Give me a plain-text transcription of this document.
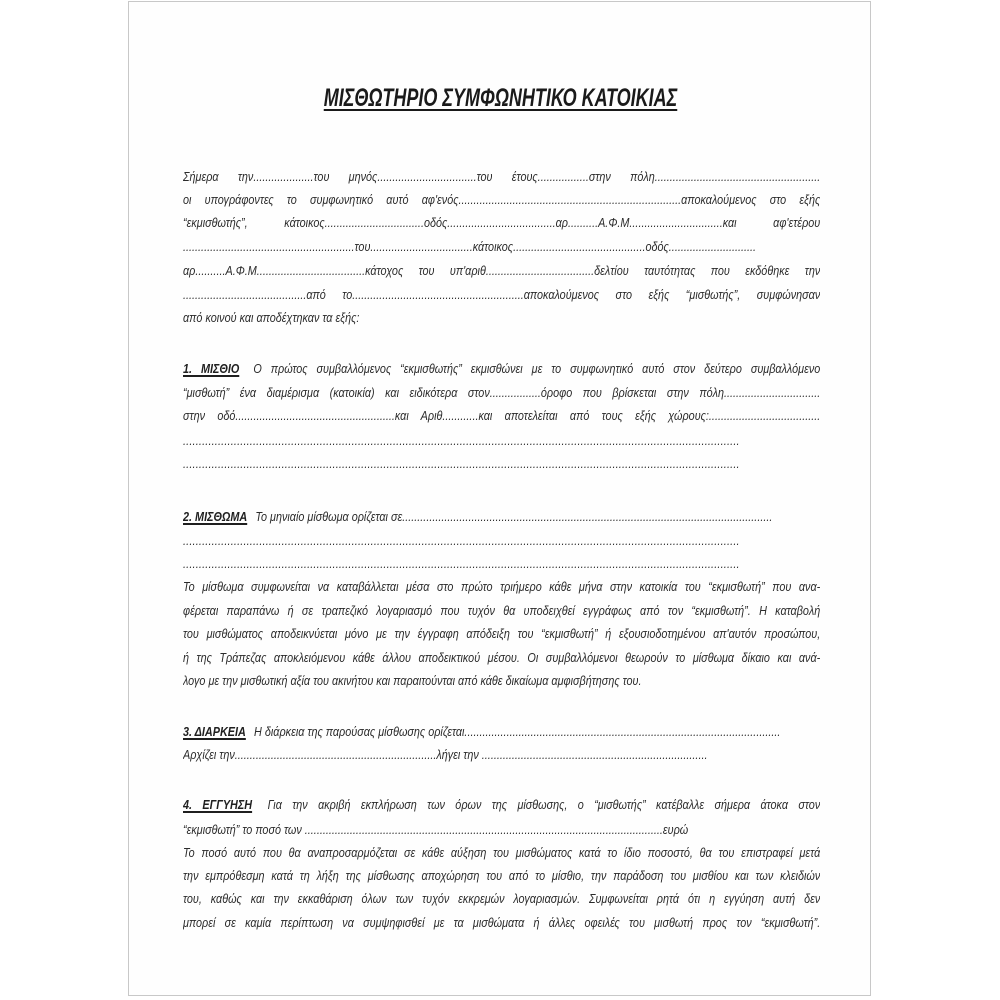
ΜΙΣΘΩΤΗΡΙΟ ΣΥΜΦΩΝΗΤΙΚΟ ΚΑΤΟΙΚΙΑΣ
Σήμερα την....................του μηνός.................................του έτους.................στην πόλη.......................................................
οι υπογράφοντες το συμφωνητικό αυτό αφ'ενός..........................................................................αποκαλούμενος στο εξής
“εκμισθωτής”, κάτοικος.................................οδός....................................αρ..........Α.Φ.Μ...............................και αφ'ετέρου
.........................................................του..................................κάτοικος............................................οδός.............................
αρ..........Α.Φ.Μ....................................κάτοχος του υπ'αριθ....................................δελτίου ταυτότητας που εκδόθηκε την
.........................................από το.........................................................αποκαλούμενος στο εξής “μισθωτής”, συμφώνησαν
από κοινού και αποδέχτηκαν τα εξής:
1. ΜΙΣΘΙΟ Ο πρώτος συμβαλλόμενος “εκμισθωτής” εκμισθώνει με το συμφωνητικό αυτό στον δεύτερο συμβαλλόμενο
“μισθωτή” ένα διαμέρισμα (κατοικία) και ειδικότερα στον.................όροφο που βρίσκεται στην πόλη................................
στην οδό.....................................................και Αριθ............και αποτελείται από τους εξής χώρους:.....................................
...............................................................................................................................................................................
...............................................................................................................................................................................
2. ΜΙΣΘΩΜΑ Το μηνιαίο μίσθωμα ορίζεται σε...........................................................................................................................
...............................................................................................................................................................................
...............................................................................................................................................................................
Το μίσθωμα συμφωνείται να καταβάλλεται μέσα στο πρώτο τριήμερο κάθε μήνα στην κατοικία του “εκμισθωτή” που ανα-
φέρεται παραπάνω ή σε τραπεζικό λογαριασμό που τυχόν θα υποδειχθεί εγγράφως από τον “εκμισθωτή”. Η καταβολή
του μισθώματος αποδεικνύεται μόνο με την έγγραφη απόδειξη του “εκμισθωτή” ή εξουσιοδοτημένου απ'αυτόν προσώπου,
ή της Τράπεζας αποκλειόμενου κάθε άλλου αποδεικτικού μέσου. Οι συμβαλλόμενοι θεωρούν το μίσθωμα δίκαιο και ανά-
λογο με την μισθωτική αξία του ακινήτου και παραιτούνται από κάθε δικαίωμα αμφισβήτησης του.
3. ΔΙΑΡΚΕΙΑ Η διάρκεια της παρούσας μίσθωσης ορίζεται.........................................................................................................
Αρχίζει την...................................................................λήγει την ...........................................................................
4. ΕΓΓΥΗΣΗ Για την ακριβή εκπλήρωση των όρων της μίσθωσης, ο “μισθωτής” κατέβαλλε σήμερα άτοκα στον
“εκμισθωτή” το ποσό των .......................................................................................................................ευρώ
Το ποσό αυτό που θα αναπροσαρμόζεται σε κάθε αύξηση του μισθώματος κατά το ίδιο ποσοστό, θα του επιστραφεί μετά
την εμπρόθεσμη κατά τη λήξη της μίσθωσης αποχώρηση του από το μίσθιο, την παράδοση του μισθίου και των κλειδιών
του, καθώς και την εκκαθάριση όλων των τυχόν εκκρεμών λογαριασμών. Συμφωνείται ρητά ότι η εγγύηση αυτή δεν
μπορεί σε καμία περίπτωση να συμψηφισθεί με τα μισθώματα ή άλλες οφειλές του μισθωτή προς τον “εκμισθωτή”.
